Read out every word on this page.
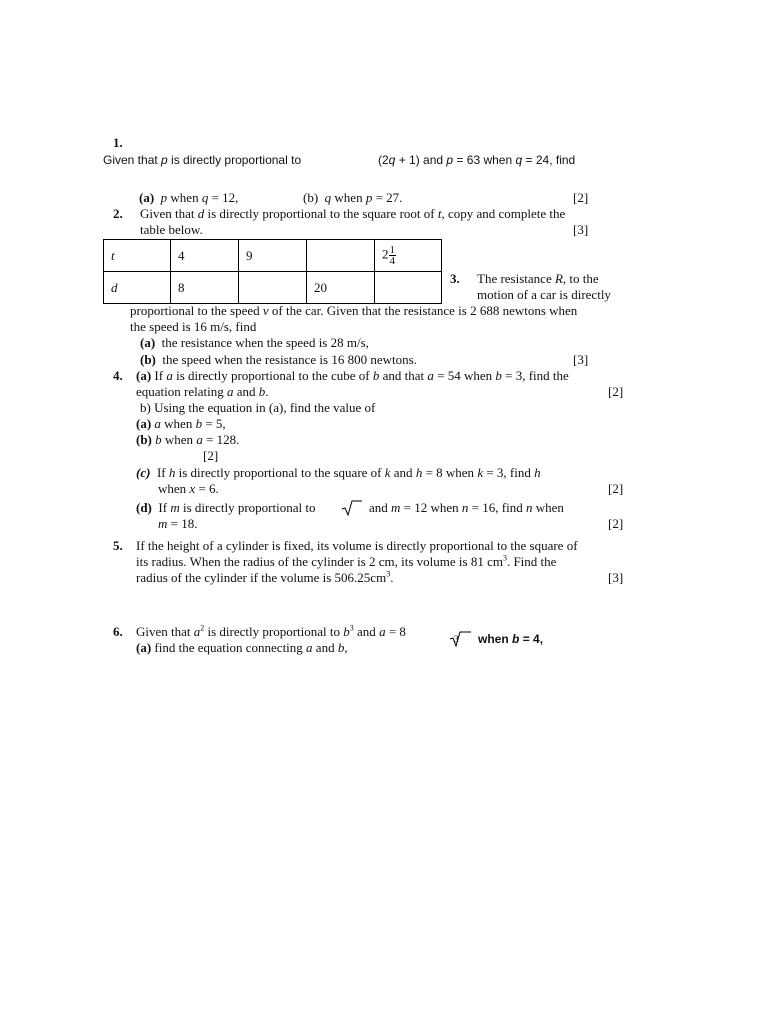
1.
Given that p is directly proportional to	(2q + 1) and p = 63 when q = 24, find
(a) p when q = 12,	(b) q when p = 27.	[2]
2. Given that d is directly proportional to the square root of t, copy and complete the
table below.	[3]
t	4	9		$2 \frac{1}{4}$

d	8		20	
3. The resistance R, to the
motion of a car is directly
proportional to the speed v of the car. Given that the resistance is 2 688 newtons when
the speed is 16 m/s, find
(a) the resistance when the speed is 28 m/s,
(b) the speed when the resistance is 16 800 newtons.	[3]
4. (a) If a is directly proportional to the cube of b and that a = 54 when b = 3, find the
equation relating a and b.	[2]
b) Using the equation in (a), find the value of
(a) a when b = 5,
(b) b when a = 128.
[2]
(c) If h is directly proportional to the square of k and h = 8 when k = 3, find h
when x = 6.	[2]
(d) If m is directly proportional to	and m = 12 when n = 16, find n when
m = 18.	[2]
5. If the height of a cylinder is fixed, its volume is directly proportional to the square of
its radius. When the radius of the cylinder is 2 cm, its volume is 81 $cm^3$. Find the
radius of the cylinder if the volume is $506.25cm^3$.	[3]
6. Given that $a^2$ is directly proportional to $b^3$ and a = 8	3 when b = 4,
(a) find the equation connecting a and b,
